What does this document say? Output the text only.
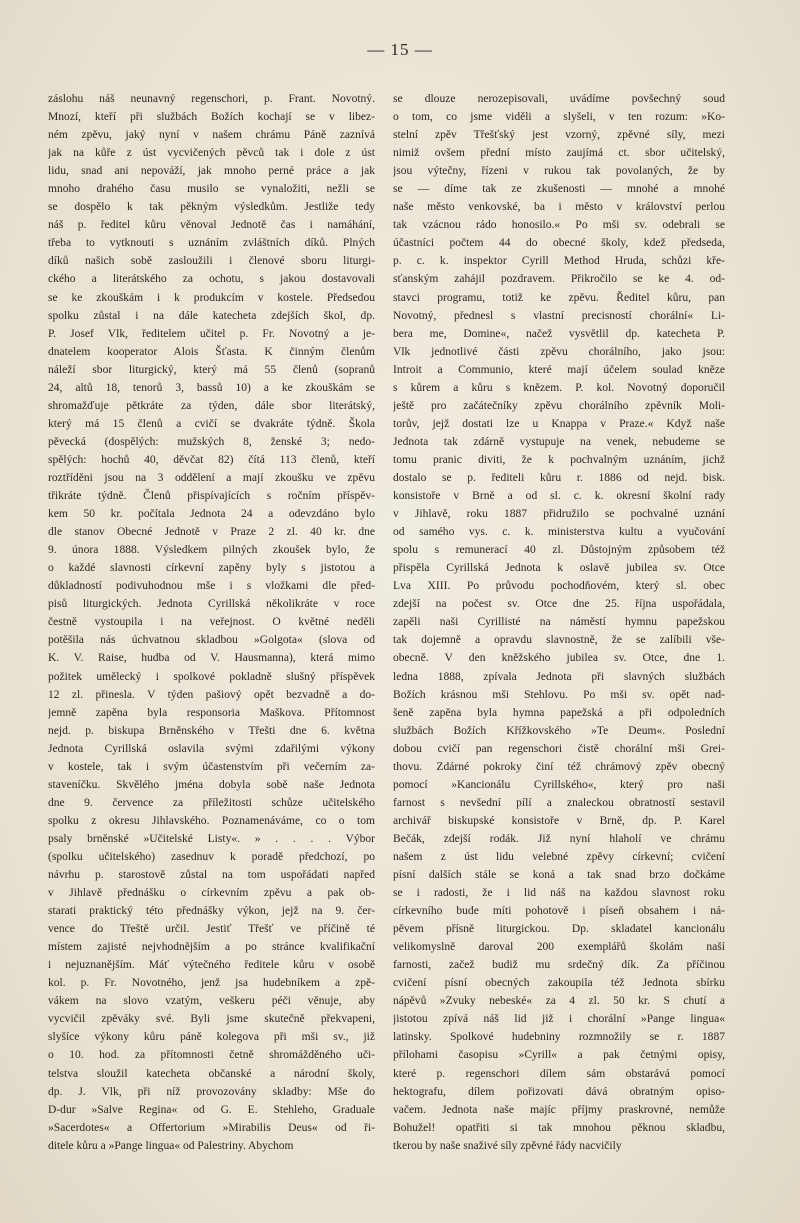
— 15 —
záslohu náš neunavný regenschori, p. Frant. Novotný.
Mnozí, kteří při službách Božích kochají se v libez-
ném zpěvu, jaký nyní v našem chrámu Páně zaznívá
jak na kůře z úst vycvičených pěvců tak i dole z úst
lidu, snad ani nepováží, jak mnoho perné práce a jak
mnoho drahého času musilo se vynaložiti, nežli se
se dospělo k tak pěkným výsledkům. Jestliže tedy
náš p. ředitel kůru věnoval Jednotě čas i namáhání,
třeba to vytknouti s uznáním zvláštních díků. Plných
díků našich sobě zasloužili i členové sboru liturgi-
ckého a literátského za ochotu, s jakou dostavovali
se ke zkouškám i k produkcím v kostele. Předsedou
spolku zůstal i na dále katecheta zdejších škol, dp.
P. Josef Vlk, ředitelem učitel p. Fr. Novotný a je-
dnatelem kooperator Alois Šťasta. K činným členům
náleží sbor liturgický, který má 55 členů (sopranů
24, altů 18, tenorů 3, bassů 10) a ke zkouškám se
shromažďuje pětkráte za týden, dále sbor literátský,
který má 15 členů a cvičí se dvakráte týdně. Škola
pěvecká (dospělých: mužských 8, ženské 3; nedo-
spělých: hochů 40, děvčat 82) čítá 113 členů, kteří
roztříděni jsou na 3 oddělení a mají zkoušku ve zpěvu
třikráte týdně. Členů přispívajících s ročním příspěv-
kem 50 kr. počítala Jednota 24 a odevzdáno bylo
dle stanov Obecné Jednotě v Praze 2 zl. 40 kr. dne
9. února 1888. Výsledkem pilných zkoušek bylo, že
o každé slavnosti církevní zapěny byly s jistotou a
důkladností podivuhodnou mše i s vložkami dle před-
pisů liturgických. Jednota Cyrillská několikráte v roce
čestně vystoupila i na veřejnost. O květné neděli
potěšila nás úchvatnou skladbou »Golgota« (slova od
K. V. Raise, hudba od V. Hausmanna), která mimo
požitek umělecký i spolkové pokladně slušný příspěvek
12 zl. přinesla. V týden pašiový opět bezvadně a do-
jemně zapěna byla responsoria Maškova. Přítomnost
nejd. p. biskupa Brněnského v Třešti dne 6. května
Jednota Cyrillská oslavila svými zdařilými výkony
v kostele, tak i svým účastenstvím při večerním za-
staveníčku. Skvělého jména dobyla sobě naše Jednota
dne 9. července za příležitosti schůze učitelského
spolku z okresu Jihlavského. Poznamenáváme, co o tom
psaly brněnské »Učitelské Listy«. » . . . . Výbor
(spolku učitelského) zasednuv k poradě předchozí, po
návrhu p. starostově zůstal na tom uspořádati napřed
v Jihlavě přednášku o církevním zpěvu a pak ob-
starati praktický této přednášky výkon, jejž na 9. čer-
vence do Třeště určil. Jestiť Třešť ve příčině té
místem zajisté nejvhodnějším a po stránce kvalifikační
i nejuznanějším. Máť výtečného ředitele kůru v osobě
kol. p. Fr. Novotného, jenž jsa hudebníkem a zpě-
vákem na slovo vzatým, veškeru péči věnuje, aby
vycvičil zpěváky své. Byli jsme skutečně překvapeni,
slyšíce výkony kůru páně kolegova při mši sv., již
o 10. hod. za přítomnosti četně shromážděného uči-
telstva sloužil katecheta občanské a národní školy,
dp. J. Vlk, při níž provozovány skladby: Mše do
D-dur »Salve Regina« od G. E. Stehleho, Graduale
»Sacerdotes« a Offertorium »Mirabilis Deus« od ři-
ditele kůru a »Pange lingua« od Palestriny. Abychom
se dlouze nerozepisovali, uvádíme povšechný soud
o tom, co jsme viděli a slyšeli, v ten rozum: »Ko-
stelní zpěv Třešťský jest vzorný, zpěvné síly, mezi
nimiž ovšem přední místo zaujímá ct. sbor učitelský,
jsou výtečny, řízeni v rukou tak povolaných, že by
se — díme tak ze zkušenosti — mnohé a mnohé
naše město venkovské, ba i město v království perlou
tak vzácnou rádo honosilo.« Po mši sv. odebrali se
účastníci počtem 44 do obecné školy, kdež předseda,
p. c. k. inspektor Cyrill Method Hruda, schůzi kře-
sťanským zahájil pozdravem. Přikročilo se ke 4. od-
stavci programu, totiž ke zpěvu. Ředitel kůru, pan
Novotný, přednesl s vlastní precisností chorální« Li-
bera me, Domine«, načež vysvětlil dp. katecheta P.
Vlk jednotlivé části zpěvu chorálního, jako jsou:
Introit a Communio, které mají účelem soulad kněze
s kůrem a kůru s knězem. P. kol. Novotný doporučil
ještě pro začátečníky zpěvu chorálního zpěvník Moli-
torův, jejž dostati lze u Knappa v Praze.« Když naše
Jednota tak zdárně vystupuje na venek, nebudeme se
tomu pranic diviti, že k pochvalným uznáním, jichž
dostalo se p. řediteli kůru r. 1886 od nejd. bisk.
konsistoře v Brně a od sl. c. k. okresní školní rady
v Jihlavě, roku 1887 přidružilo se pochvalné uznání
od samého vys. c. k. ministerstva kultu a vyučování
spolu s remunerací 40 zl. Důstojným způsobem též
přispěla Cyrillská Jednota k oslavě jubilea sv. Otce
Lva XIII. Po průvodu pochodňovém, který sl. obec
zdejší na počest sv. Otce dne 25. října uspořádala,
zapěli naši Cyrillisté na náměstí hymnu papežskou
tak dojemně a opravdu slavnostně, že se zalíbili vše-
obecně. V den kněžského jubilea sv. Otce, dne 1.
ledna 1888, zpívala Jednota při slavných službách
Božích krásnou mši Stehlovu. Po mši sv. opět nad-
šeně zapěna byla hymna papežská a při odpoledních
službách Božích Křížkovského »Te Deum«. Poslední
dobou cvičí pan regenschori čistě chorální mši Grei-
thovu. Zdárné pokroky činí též chrámový zpěv obecný
pomocí »Kancionálu Cyrillského«, který pro naši
farnost s nevšední pílí a znaleckou obratností sestavil
archivář biskupské konsistoře v Brně, dp. P. Karel
Bečák, zdejší rodák. Již nyní hlaholí ve chrámu
našem z úst lidu velebné zpěvy církevní; cvičení
písní dalších stále se koná a tak snad brzo dočkáme
se i radosti, že i lid náš na každou slavnost roku
církevního bude míti pohotově i píseň obsahem i ná-
pěvem přísně liturgickou. Dp. skladatel kancionálu
velikomyslně daroval 200 exemplářů školám naší
farnosti, začež budiž mu srdečný dík. Za příčinou
cvičení písní obecných zakoupila též Jednota sbírku
nápěvů »Zvuky nebeské« za 4 zl. 50 kr. S chutí a
jistotou zpívá náš lid již i chorální »Pange lingua«
latinsky. Spolkové hudebniny rozmnožily se r. 1887
přílohami časopisu »Cyrill« a pak četnými opisy,
které p. regenschori dílem sám obstarává pomocí
hektografu, dílem pořizovati dává obratným opiso-
vačem. Jednota naše majíc příjmy praskrovné, nemůže
Bohužel! opatřiti si tak mnohou pěknou skladbu,
tkerou by naše snaživé síly zpěvné řády nacvičily
